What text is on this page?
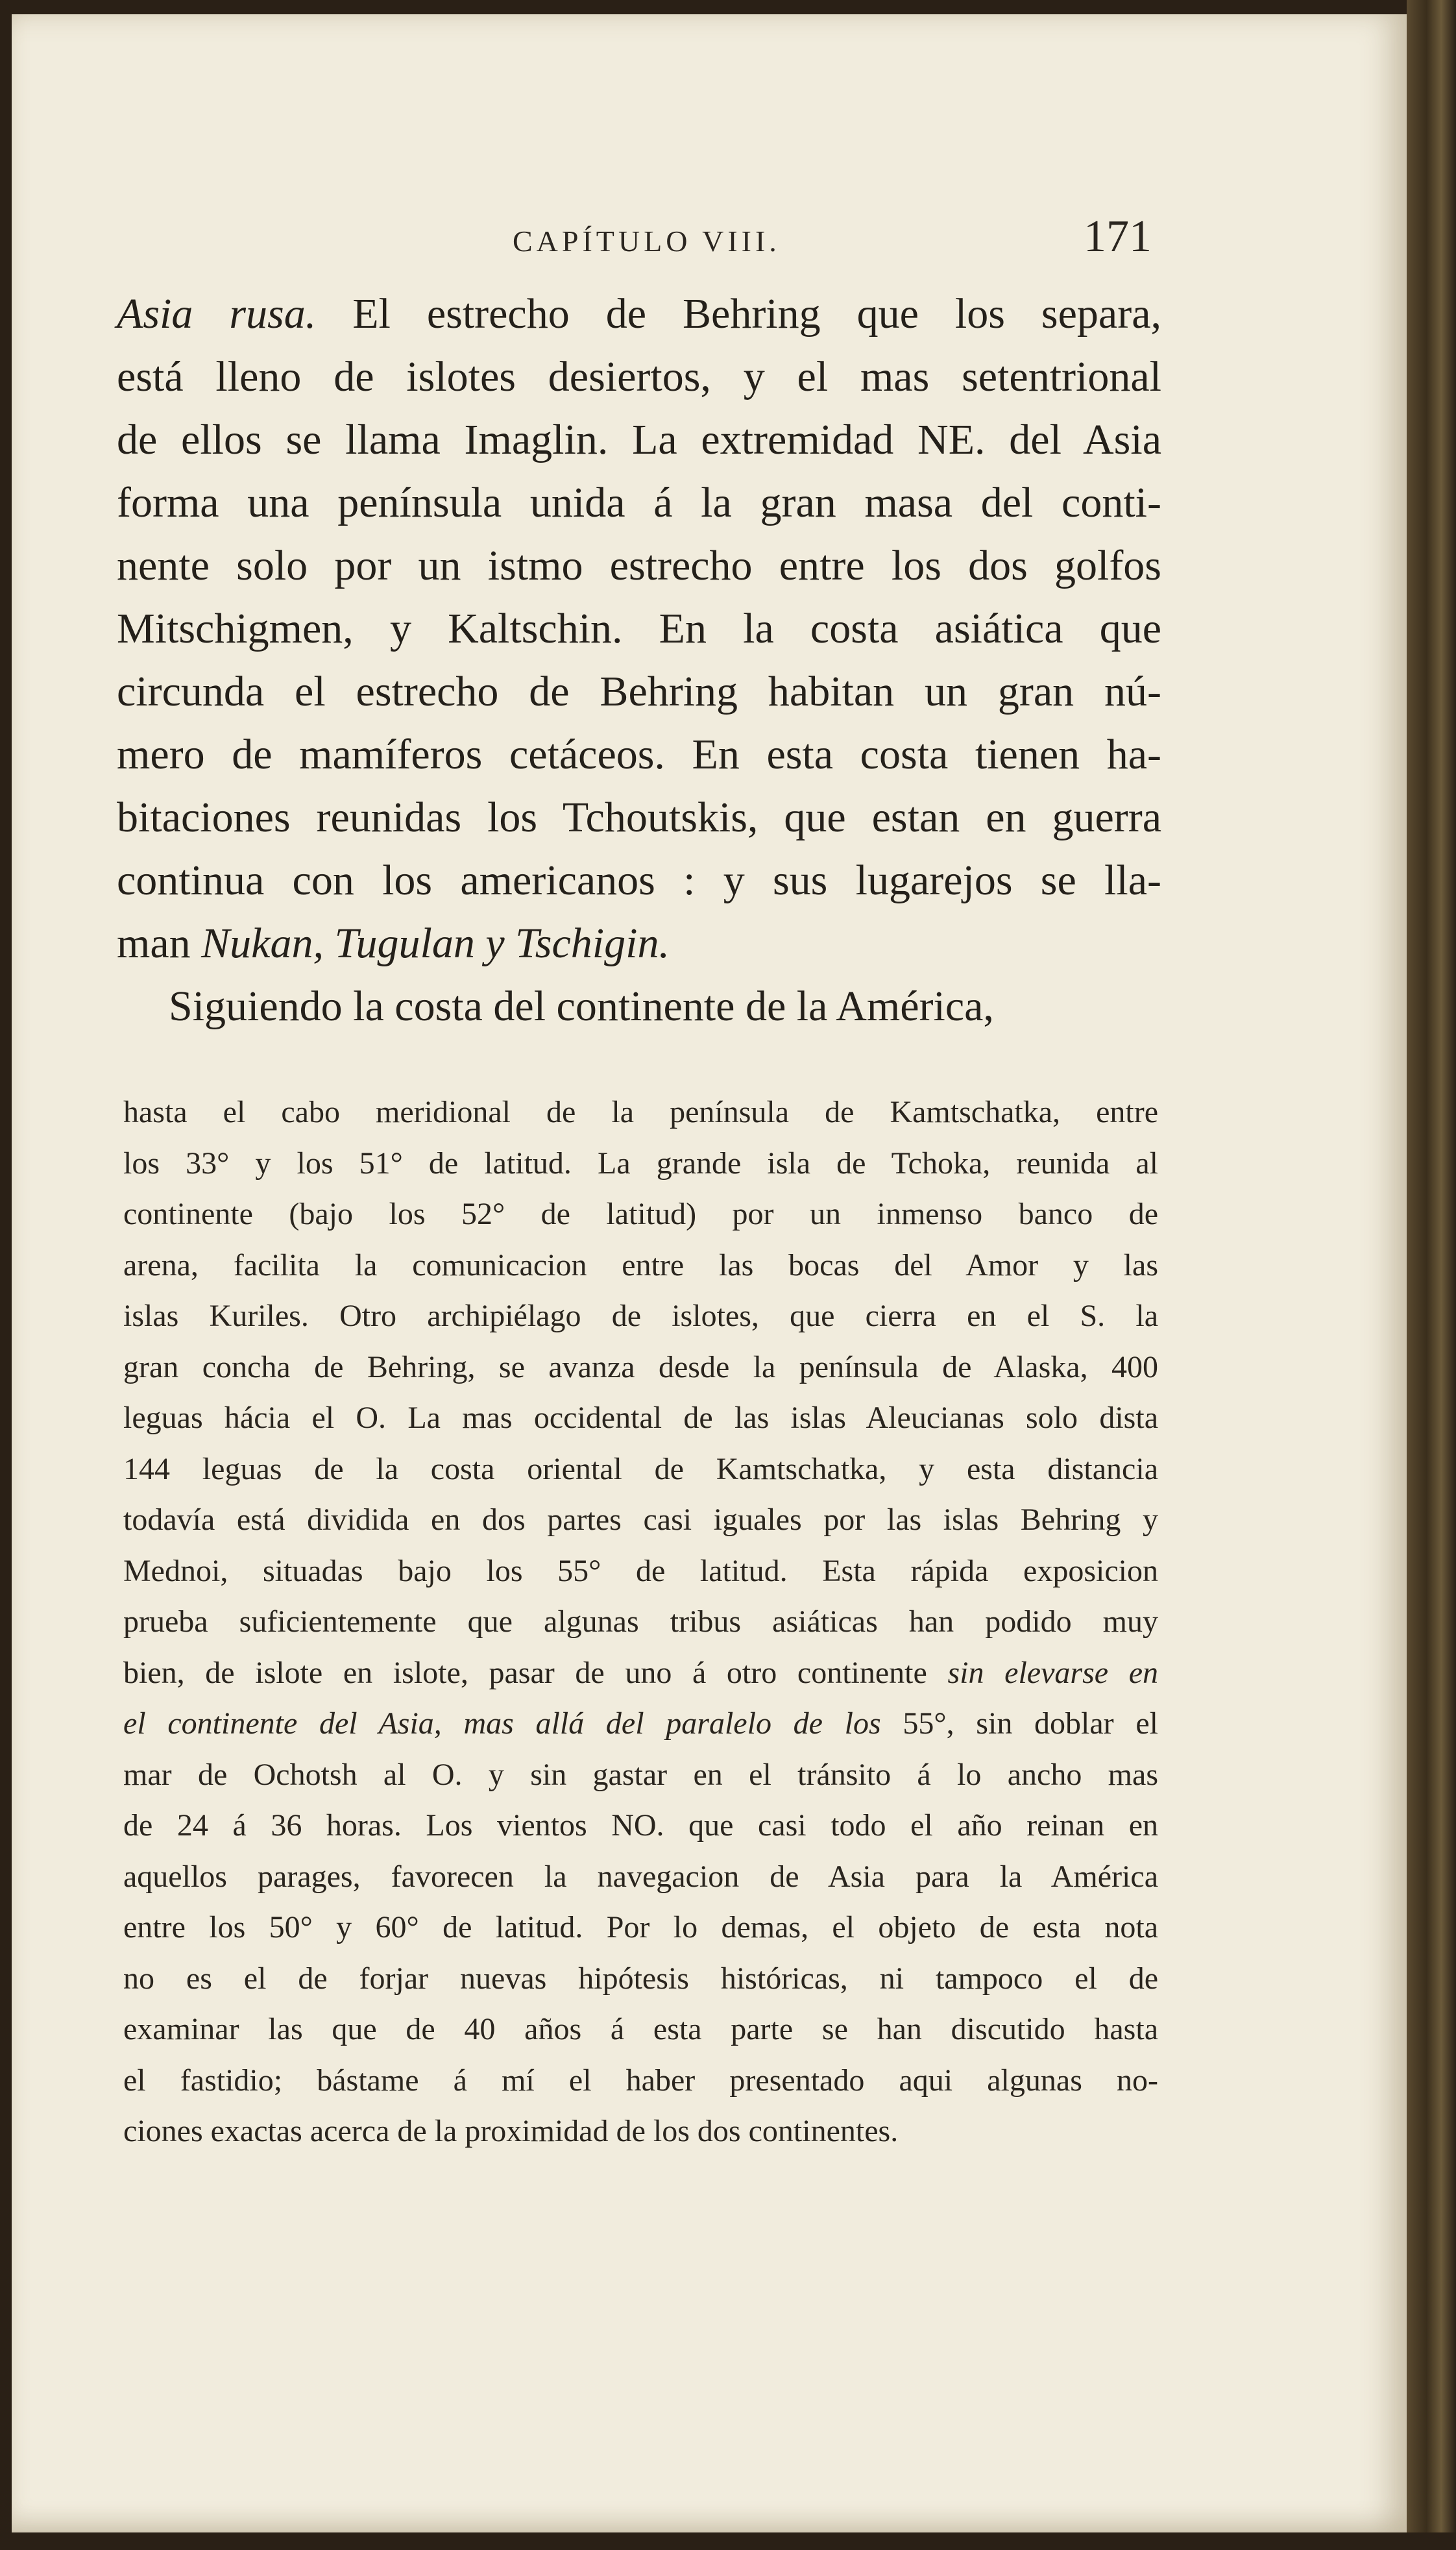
CAPÍTULO VIII.	171
Asia rusa. El estrecho de Behring que los separa,
está lleno de islotes desiertos, y el mas setentrional
de ellos se llama Imaglin. La extremidad NE. del Asia
forma una península unida á la gran masa del conti-
nente solo por un istmo estrecho entre los dos golfos
Mitschigmen, y Kaltschin. En la costa asiática que
circunda el estrecho de Behring habitan un gran nú-
mero de mamíferos cetáceos. En esta costa tienen ha-
bitaciones reunidas los Tchoutskis, que estan en guerra
continua con los americanos : y sus lugarejos se lla-
man Nukan, Tugulan y Tschigin.
Siguiendo la costa del continente de la América,
hasta el cabo meridional de la península de Kamtschatka, entre
los 33° y los 51° de latitud. La grande isla de Tchoka, reunida al
continente (bajo los 52° de latitud) por un inmenso banco de
arena, facilita la comunicacion entre las bocas del Amor y las
islas Kuriles. Otro archipiélago de islotes, que cierra en el S. la
gran concha de Behring, se avanza desde la península de Alaska, 400
leguas hácia el O. La mas occidental de las islas Aleucianas solo dista
144 leguas de la costa oriental de Kamtschatka, y esta distancia
todavía está dividida en dos partes casi iguales por las islas Behring y
Mednoi, situadas bajo los 55° de latitud. Esta rápida exposicion
prueba suficientemente que algunas tribus asiáticas han podido muy
bien, de islote en islote, pasar de uno á otro continente sin elevarse en
el continente del Asia, mas allá del paralelo de los 55°, sin doblar el
mar de Ochotsh al O. y sin gastar en el tránsito á lo ancho mas
de 24 á 36 horas. Los vientos NO. que casi todo el año reinan en
aquellos parages, favorecen la navegacion de Asia para la América
entre los 50° y 60° de latitud. Por lo demas, el objeto de esta nota
no es el de forjar nuevas hipótesis históricas, ni tampoco el de
examinar las que de 40 años á esta parte se han discutido hasta
el fastidio; bástame á mí el haber presentado aqui algunas no-
ciones exactas acerca de la proximidad de los dos continentes.
